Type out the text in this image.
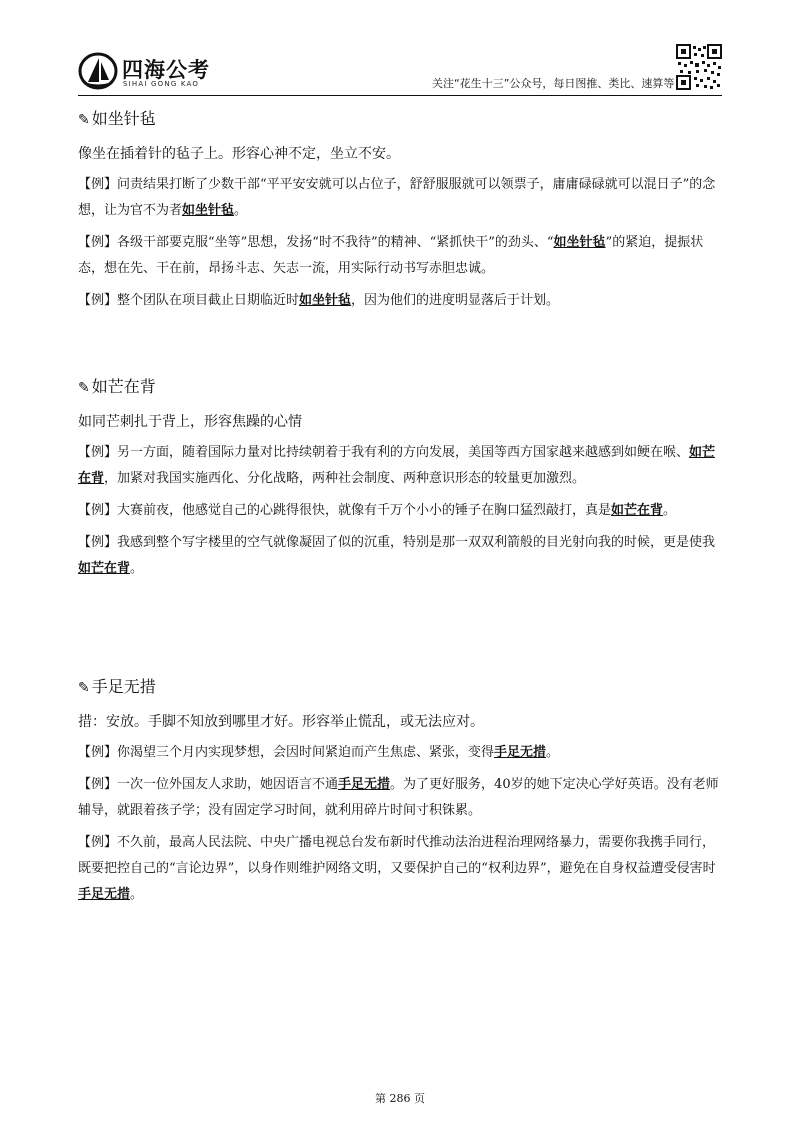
四海公考
SIHAI GONG KAO	关注“花生十三”公众号，每日图推、类比、速算等
✎ 如坐针毡

像坐在插着针的毡子上。形容心神不定，坐立不安。

【例】问责结果打断了少数干部“平平安安就可以占位子，舒舒服服就可以领票子，庸庸碌碌就可以混日子”的念想，让为官不为者如坐针毡。

【例】各级干部要克服“坐等”思想，发扬“时不我待”的精神、“紧抓快干”的劲头、“如坐针毡”的紧迫，提振状态，想在先、干在前，昂扬斗志、矢志一流，用实际行动书写赤胆忠诚。

【例】整个团队在项目截止日期临近时如坐针毡，因为他们的进度明显落后于计划。

✎ 如芒在背

如同芒刺扎于背上，形容焦躁的心情

【例】另一方面，随着国际力量对比持续朝着于我有利的方向发展，美国等西方国家越来越感到如鲠在喉、如芒在背，加紧对我国实施西化、分化战略，两种社会制度、两种意识形态的较量更加激烈。

【例】大赛前夜，他感觉自己的心跳得很快，就像有千万个小小的锤子在胸口猛烈敲打，真是如芒在背。

【例】我感到整个写字楼里的空气就像凝固了似的沉重，特别是那一双双利箭般的目光射向我的时候，更是使我如芒在背。

✎ 手足无措

措：安放。手脚不知放到哪里才好。形容举止慌乱，或无法应对。

【例】你渴望三个月内实现梦想，会因时间紧迫而产生焦虑、紧张，变得手足无措。

【例】一次一位外国友人求助，她因语言不通手足无措。为了更好服务，40岁的她下定决心学好英语。没有老师辅导，就跟着孩子学；没有固定学习时间，就利用碎片时间寸积铢累。

【例】不久前，最高人民法院、中央广播电视总台发布新时代推动法治进程治理网络暴力，需要你我携手同行，既要把控自己的“言论边界”，以身作则维护网络文明，又要保护自己的“权利边界”，避免在自身权益遭受侵害时手足无措。

第 286 页
